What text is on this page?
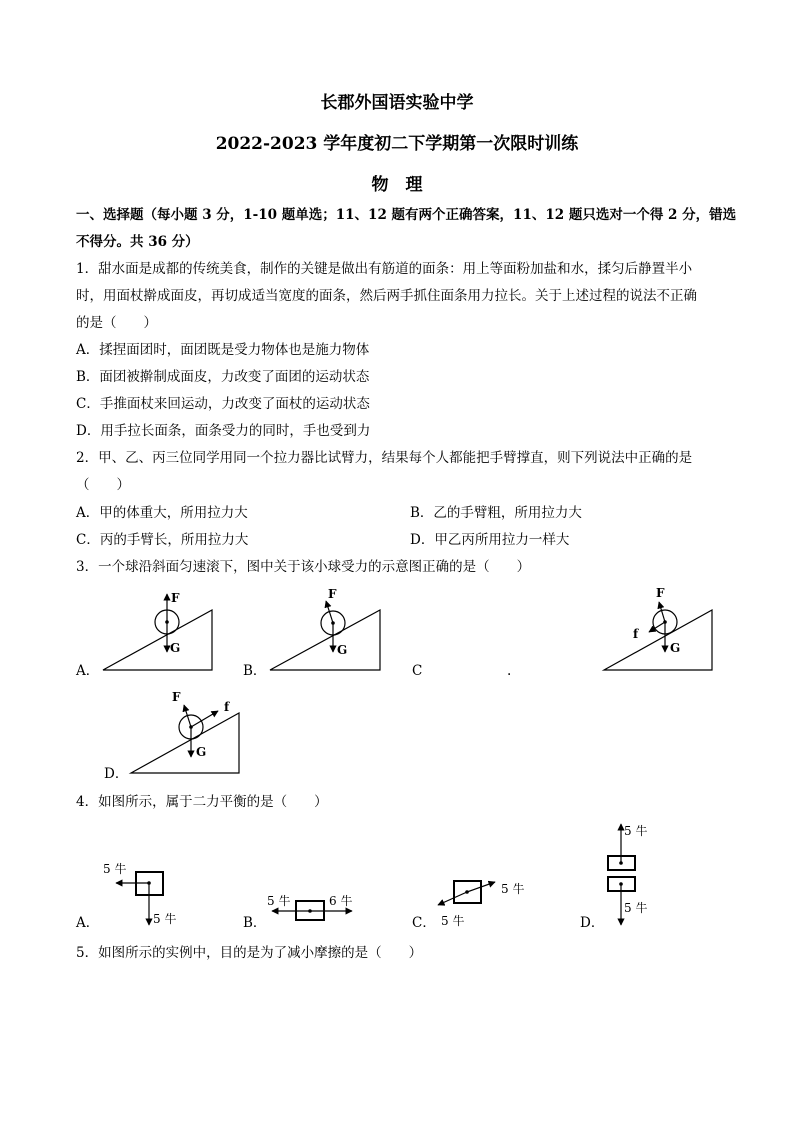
长郡外国语实验中学
2022-2023 学年度初二下学期第一次限时训练
物　理
一、选择题（每小题 3 分，1-10 题单选；11、12 题有两个正确答案，11、12 题只选对一个得 2 分，错选
不得分。共 36 分）
1．甜水面是成都的传统美食，制作的关键是做出有筋道的面条：用上等面粉加盐和水，揉匀后静置半小
时，用面杖擀成面皮，再切成适当宽度的面条，然后两手抓住面条用力拉长。关于上述过程的说法不正确
的是（　　）
A．揉捏面团时，面团既是受力物体也是施力物体
B．面团被擀制成面皮，力改变了面团的运动状态
C．手推面杖来回运动，力改变了面杖的运动状态
D．用手拉长面条，面条受力的同时，手也受到力
2．甲、乙、丙三位同学用同一个拉力器比试臂力，结果每个人都能把手臂撑直，则下列说法中正确的是
（　　）
A．甲的体重大，所用拉力大	B．乙的手臂粗，所用拉力大
C．丙的手臂长，所用拉力大	D．甲乙丙所用拉力一样大
3．一个球沿斜面匀速滚下，图中关于该小球受力的示意图正确的是（　　）
F
G
F
G
F
f
G
F
f
G
A．	B．	C	.
D．
4．如图所示，属于二力平衡的是（　　）
5 牛
5 牛
5 牛	6 牛
5 牛
5 牛
5 牛
5 牛
A．	B．	C．	D．
5．如图所示的实例中，目的是为了减小摩擦的是（　　）
